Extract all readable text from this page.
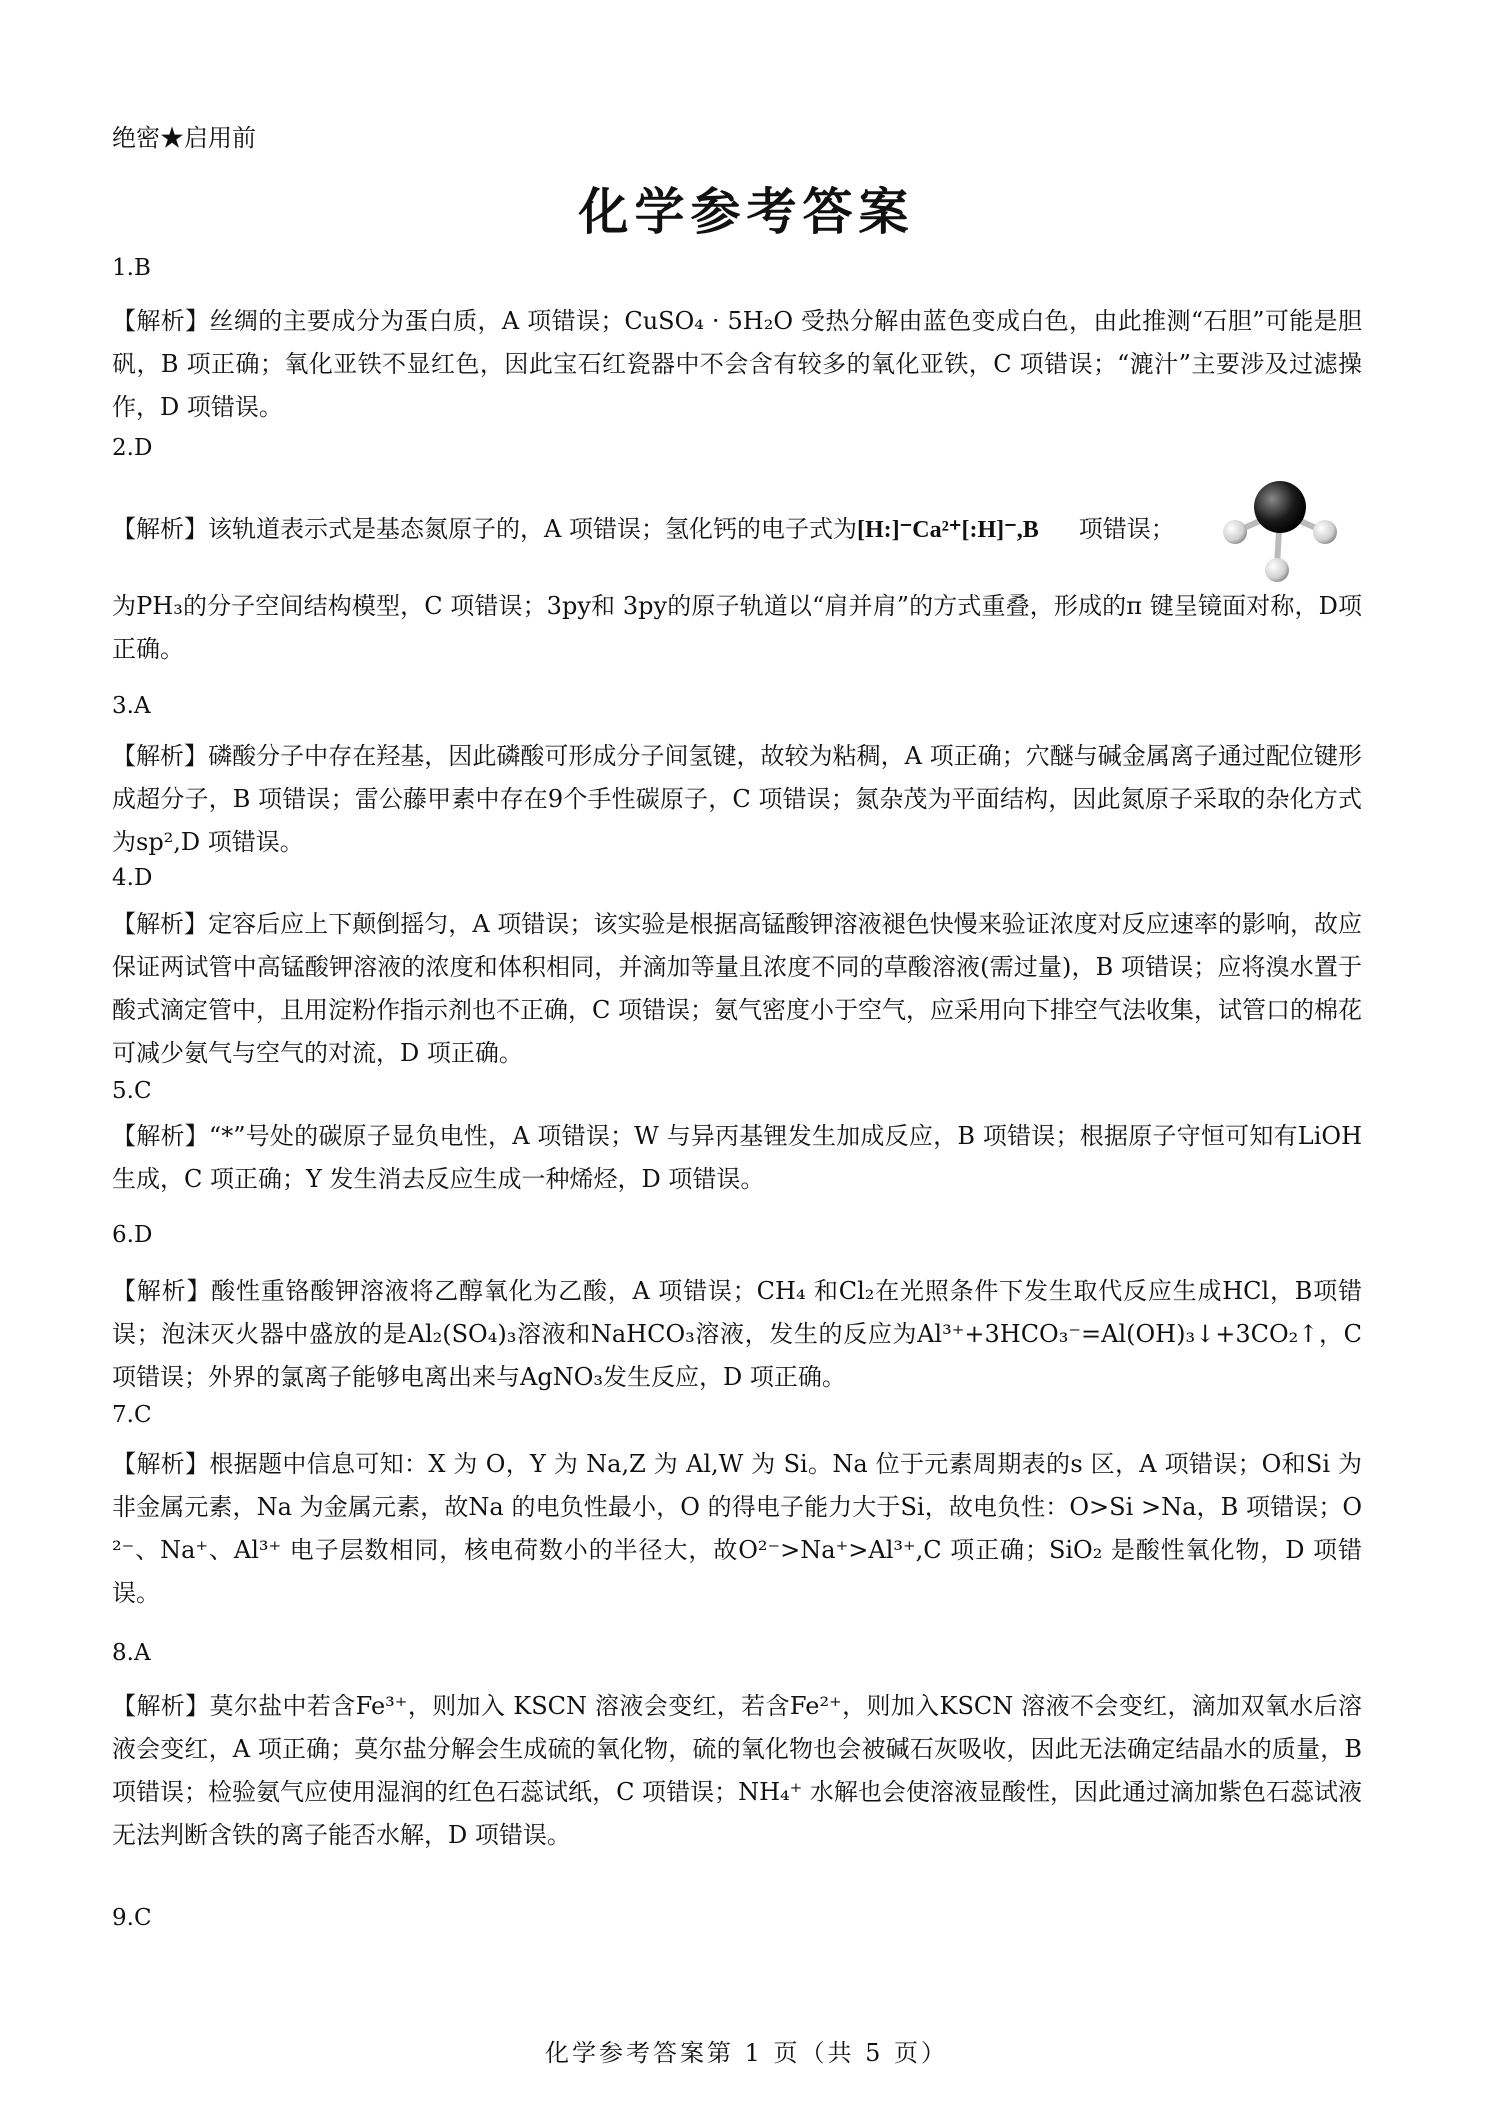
绝密★启用前
化学参考答案
1.B
【解析】丝绸的主要成分为蛋白质，A 项错误；CuSO₄ · 5H₂O 受热分解由蓝色变成白色，由此推测“石胆”可能是胆矾，B 项正确；氧化亚铁不显红色，因此宝石红瓷器中不会含有较多的氧化亚铁，C 项错误；“漉汁”主要涉及过滤操作，D 项错误。
2.D
【解析】该轨道表示式是基态氮原子的，A 项错误；氢化钙的电子式为[H:]⁻Ca²⁺[:H]⁻,B 项错误；
为PH₃的分子空间结构模型，C 项错误；3py和 3py的原子轨道以“肩并肩”的方式重叠，形成的π 键呈镜面对称，D项正确。
3.A
【解析】磷酸分子中存在羟基，因此磷酸可形成分子间氢键，故较为粘稠，A 项正确；穴醚与碱金属离子通过配位键形成超分子，B 项错误；雷公藤甲素中存在9个手性碳原子，C 项错误；氮杂茂为平面结构，因此氮原子采取的杂化方式为sp²,D 项错误。
4.D
【解析】定容后应上下颠倒摇匀，A 项错误；该实验是根据高锰酸钾溶液褪色快慢来验证浓度对反应速率的影响，故应保证两试管中高锰酸钾溶液的浓度和体积相同，并滴加等量且浓度不同的草酸溶液(需过量)，B 项错误；应将溴水置于酸式滴定管中，且用淀粉作指示剂也不正确，C 项错误；氨气密度小于空气，应采用向下排空气法收集，试管口的棉花可减少氨气与空气的对流，D 项正确。
5.C
【解析】“*”号处的碳原子显负电性，A 项错误；W 与异丙基锂发生加成反应，B 项错误；根据原子守恒可知有LiOH 生成，C 项正确；Y 发生消去反应生成一种烯烃，D 项错误。
6.D
【解析】酸性重铬酸钾溶液将乙醇氧化为乙酸，A 项错误；CH₄ 和Cl₂在光照条件下发生取代反应生成HCl，B项错误；泡沫灭火器中盛放的是Al₂(SO₄)₃溶液和NaHCO₃溶液，发生的反应为Al³⁺+3HCO₃⁻=Al(OH)₃↓+3CO₂↑，C 项错误；外界的氯离子能够电离出来与AgNO₃发生反应，D 项正确。
7.C
【解析】根据题中信息可知：X 为 O，Y 为 Na,Z 为 Al,W 为 Si。Na 位于元素周期表的s 区，A 项错误；O和Si 为非金属元素，Na 为金属元素，故Na 的电负性最小，O 的得电子能力大于Si，故电负性：O>Si >Na，B 项错误；O²⁻、Na⁺、Al³⁺ 电子层数相同，核电荷数小的半径大，故O²⁻>Na⁺>Al³⁺,C 项正确；SiO₂ 是酸性氧化物，D 项错误。
8.A
【解析】莫尔盐中若含Fe³⁺，则加入 KSCN 溶液会变红，若含Fe²⁺，则加入KSCN 溶液不会变红，滴加双氧水后溶液会变红，A 项正确；莫尔盐分解会生成硫的氧化物，硫的氧化物也会被碱石灰吸收，因此无法确定结晶水的质量，B 项错误；检验氨气应使用湿润的红色石蕊试纸，C 项错误；NH₄⁺ 水解也会使溶液显酸性，因此通过滴加紫色石蕊试液无法判断含铁的离子能否水解，D 项错误。
9.C
化学参考答案第 1 页（共 5 页）
